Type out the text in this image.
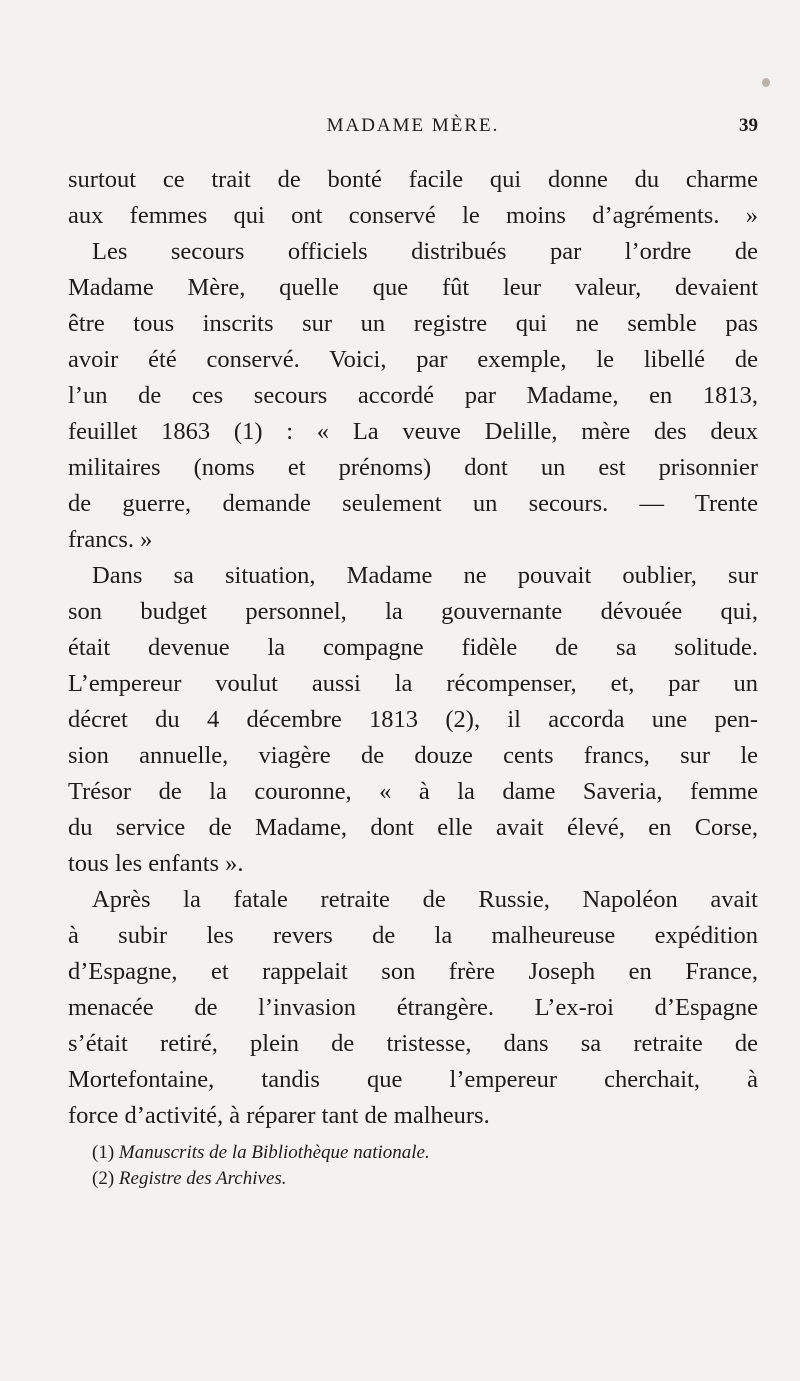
MADAME MÈRE.	39
surtout ce trait de bonté facile qui donne du charme
aux femmes qui ont conservé le moins d’agréments. »
Les secours officiels distribués par l’ordre de
Madame Mère, quelle que fût leur valeur, devaient
être tous inscrits sur un registre qui ne semble pas
avoir été conservé. Voici, par exemple, le libellé de
l’un de ces secours accordé par Madame, en 1813,
feuillet 1863 (1) : « La veuve Delille, mère des deux
militaires (noms et prénoms) dont un est prisonnier
de guerre, demande seulement un secours. — Trente
francs. »
Dans sa situation, Madame ne pouvait oublier, sur
son budget personnel, la gouvernante dévouée qui,
était devenue la compagne fidèle de sa solitude.
L’empereur voulut aussi la récompenser, et, par un
décret du 4 décembre 1813 (2), il accorda une pen-
sion annuelle, viagère de douze cents francs, sur le
Trésor de la couronne, « à la dame Saveria, femme
du service de Madame, dont elle avait élevé, en Corse,
tous les enfants ».
Après la fatale retraite de Russie, Napoléon avait
à subir les revers de la malheureuse expédition
d’Espagne, et rappelait son frère Joseph en France,
menacée de l’invasion étrangère. L’ex-roi d’Espagne
s’était retiré, plein de tristesse, dans sa retraite de
Mortefontaine, tandis que l’empereur cherchait, à
force d’activité, à réparer tant de malheurs.
(1) Manuscrits de la Bibliothèque nationale.
(2) Registre des Archives.
